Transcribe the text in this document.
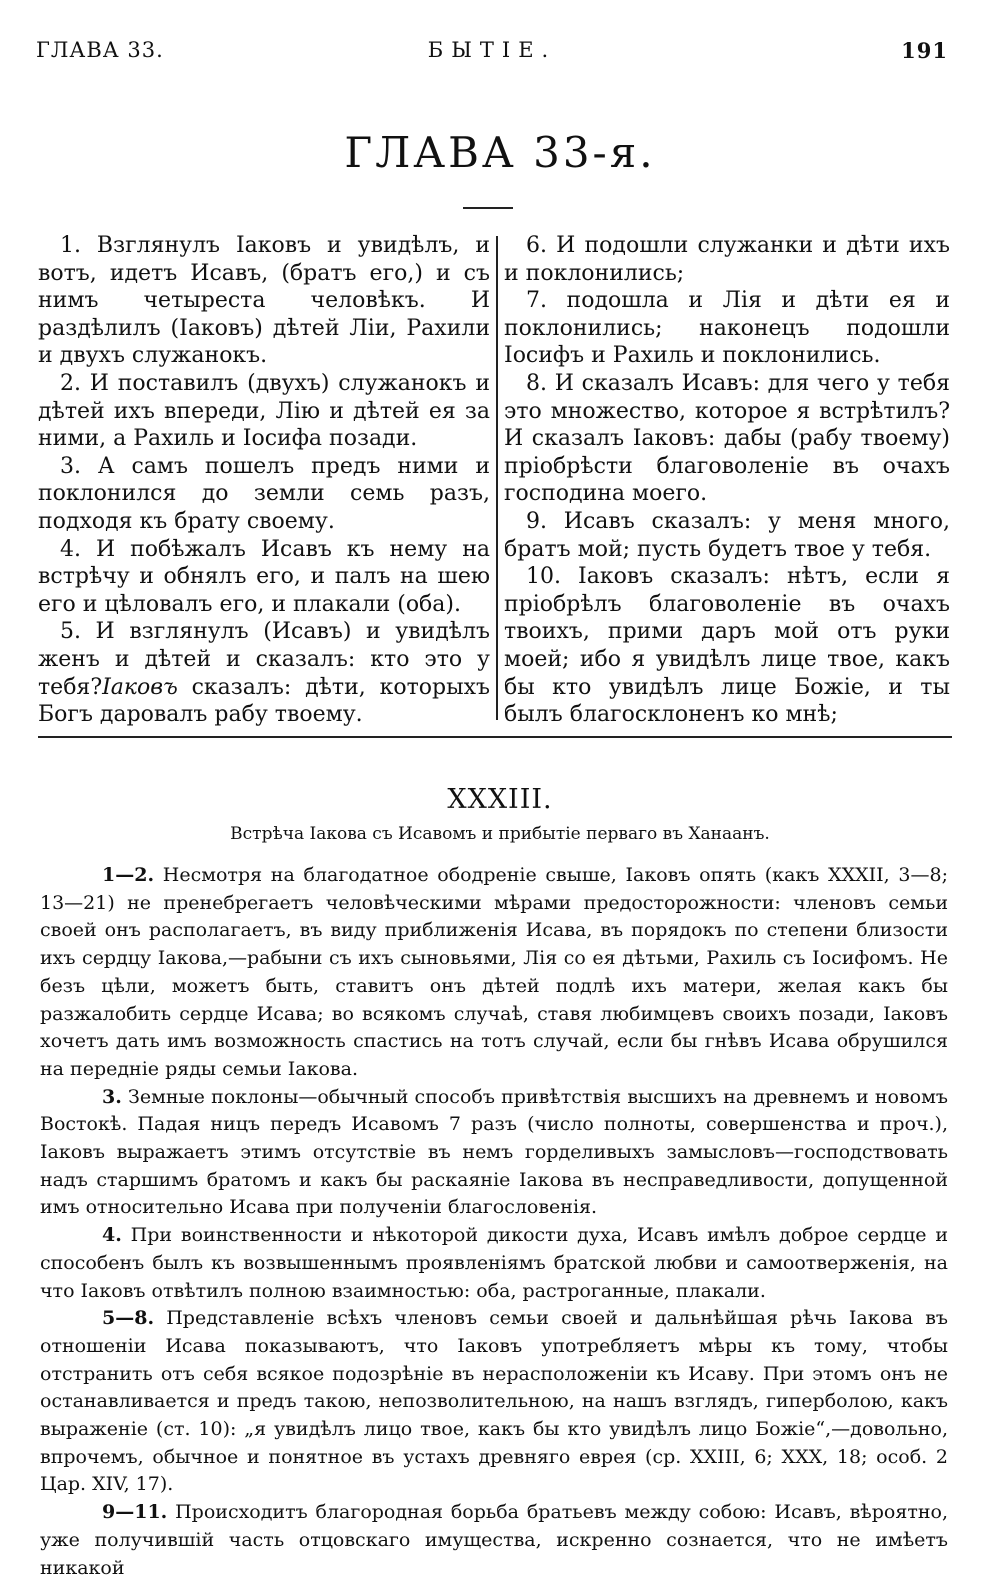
ГЛАВА 33.	БЫТІЕ.	191
ГЛАВА 33-я.

1. Взглянулъ Іаковъ и увидѣлъ, и вотъ, идетъ Исавъ, (братъ его,) и съ нимъ четыреста человѣкъ. И раздѣлилъ (Іаковъ) дѣтей Ліи, Рахили и двухъ служанокъ.

2. И поставилъ (двухъ) служанокъ и дѣтей ихъ впереди, Лію и дѣтей ея за ними, а Рахиль и Іосифа позади.

3. А самъ пошелъ предъ ними и поклонился до земли семь разъ, подходя къ брату своему.

4. И побѣжалъ Исавъ къ нему на встрѣчу и обнялъ его, и палъ на шею его и цѣловалъ его, и плакали (оба).

5. И взглянулъ (Исавъ) и увидѣлъ женъ и дѣтей и сказалъ: кто это у тебя?Іаковъ сказалъ: дѣти, которыхъ Богъ даровалъ рабу твоему.

6. И подошли служанки и дѣти ихъ и поклонились;

7. подошла и Лія и дѣти ея и поклонились; наконецъ подошли Іосифъ и Рахиль и поклонились.

8. И сказалъ Исавъ: для чего у тебя это множество, которое я встрѣтилъ? И сказалъ Іаковъ: дабы (рабу твоему) пріобрѣсти благоволеніе въ очахъ господина моего.

9. Исавъ сказалъ: у меня много, братъ мой; пусть будетъ твое у тебя.

10. Іаковъ сказалъ: нѣтъ, если я пріобрѣлъ благоволеніе въ очахъ твоихъ, прими даръ мой отъ руки моей; ибо я увидѣлъ лице твое, какъ бы кто увидѣлъ лице Божіе, и ты былъ благосклоненъ ко мнѣ;

XXXIII.
Встрѣча Іакова съ Исавомъ и прибытіе перваго въ Ханаанъ.

1—2. Несмотря на благодатное ободреніе свыше, Іаковъ опять (какъ XXXII, 3—8; 13—21) не пренебрегаетъ человѣческими мѣрами предосторожности: членовъ семьи своей онъ располагаетъ, въ виду приближенія Исава, въ порядокъ по степени близости ихъ сердцу Іакова,—рабыни съ ихъ сыновьями, Лія со ея дѣтьми, Рахиль съ Іосифомъ. Не безъ цѣли, можетъ быть, ставитъ онъ дѣтей подлѣ ихъ матери, желая какъ бы разжалобить сердце Исава; во всякомъ случаѣ, ставя любимцевъ своихъ позади, Іаковъ хочетъ дать имъ возможность спастись на тотъ случай, если бы гнѣвъ Исава обрушился на передніе ряды семьи Іакова.

3. Земные поклоны—обычный способъ привѣтствія высшихъ на древнемъ и новомъ Востокѣ. Падая ницъ передъ Исавомъ 7 разъ (число полноты, совершенства и проч.), Іаковъ выражаетъ этимъ отсутствіе въ немъ горделивыхъ замысловъ—господствовать надъ старшимъ братомъ и какъ бы раскаяніе Іакова въ несправедливости, допущенной имъ относительно Исава при полученіи благословенія.

4. При воинственности и нѣкоторой дикости духа, Исавъ имѣлъ доброе сердце и способенъ былъ къ возвышеннымъ проявленіямъ братской любви и самоотверженія, на что Іаковъ отвѣтилъ полною взаимностью: оба, растроганные, плакали.

5—8. Представленіе всѣхъ членовъ семьи своей и дальнѣйшая рѣчь Іакова въ отношеніи Исава показываютъ, что Іаковъ употребляетъ мѣры къ тому, чтобы отстранить отъ себя всякое подозрѣніе въ нерасположеніи къ Исаву. При этомъ онъ не останавливается и предъ такою, непозволительною, на нашъ взглядъ, гиперболою, какъ выраженіе (ст. 10): „я увидѣлъ лицо твое, какъ бы кто увидѣлъ лицо Божіе“,—довольно, впрочемъ, обычное и понятное въ устахъ древняго еврея (ср. XXIII, 6; XXX, 18; особ. 2 Цар. XIV, 17).

9—11. Происходитъ благородная борьба братьевъ между собою: Исавъ, вѣроятно, уже получившій часть отцовскаго имущества, искренно сознается, что не имѣетъ никакой
